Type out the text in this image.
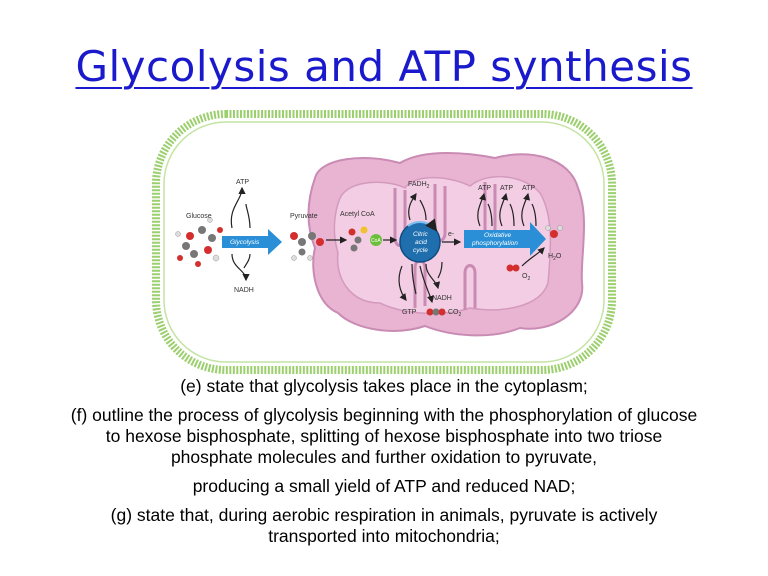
Glycolysis and ATP synthesis
Glucose
Glycolysis
ATP
NADH
Pyruvate	Acetyl CoA
CoA
Citric
acid
cycle
$FADH_2$
NADH
GTP	$CO_2$
e-	Oxidative
phosphorylation
ATP ATP ATP
$H_2O$
$O_2$

(e) state that glycolysis takes place in the cytoplasm;

(f) outline the process of glycolysis beginning with the phosphorylation of glucose

to hexose bisphosphate, splitting of hexose bisphosphate into two triose

phosphate molecules and further oxidation to pyruvate,

producing a small yield of ATP and reduced NAD;

(g) state that, during aerobic respiration in animals, pyruvate is actively

transported into mitochondria;
